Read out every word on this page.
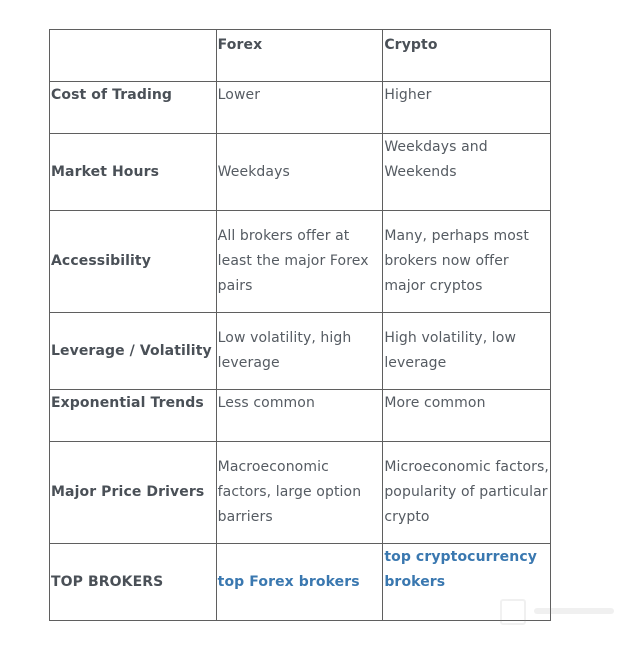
	Forex	Crypto
Cost of Trading	Lower	Higher
Market Hours	Weekdays	Weekdays and Weekends
Accessibility	All brokers offer at least the major Forex pairs	Many, perhaps most brokers now offer major cryptos
Leverage / Volatility	Low volatility, high leverage	High volatility, low leverage
Exponential Trends	Less common	More common
Major Price Drivers	Macroeconomic factors, large option barriers	Microeconomic factors, popularity of particular crypto
TOP BROKERS	top Forex brokers	top cryptocurrency brokers
